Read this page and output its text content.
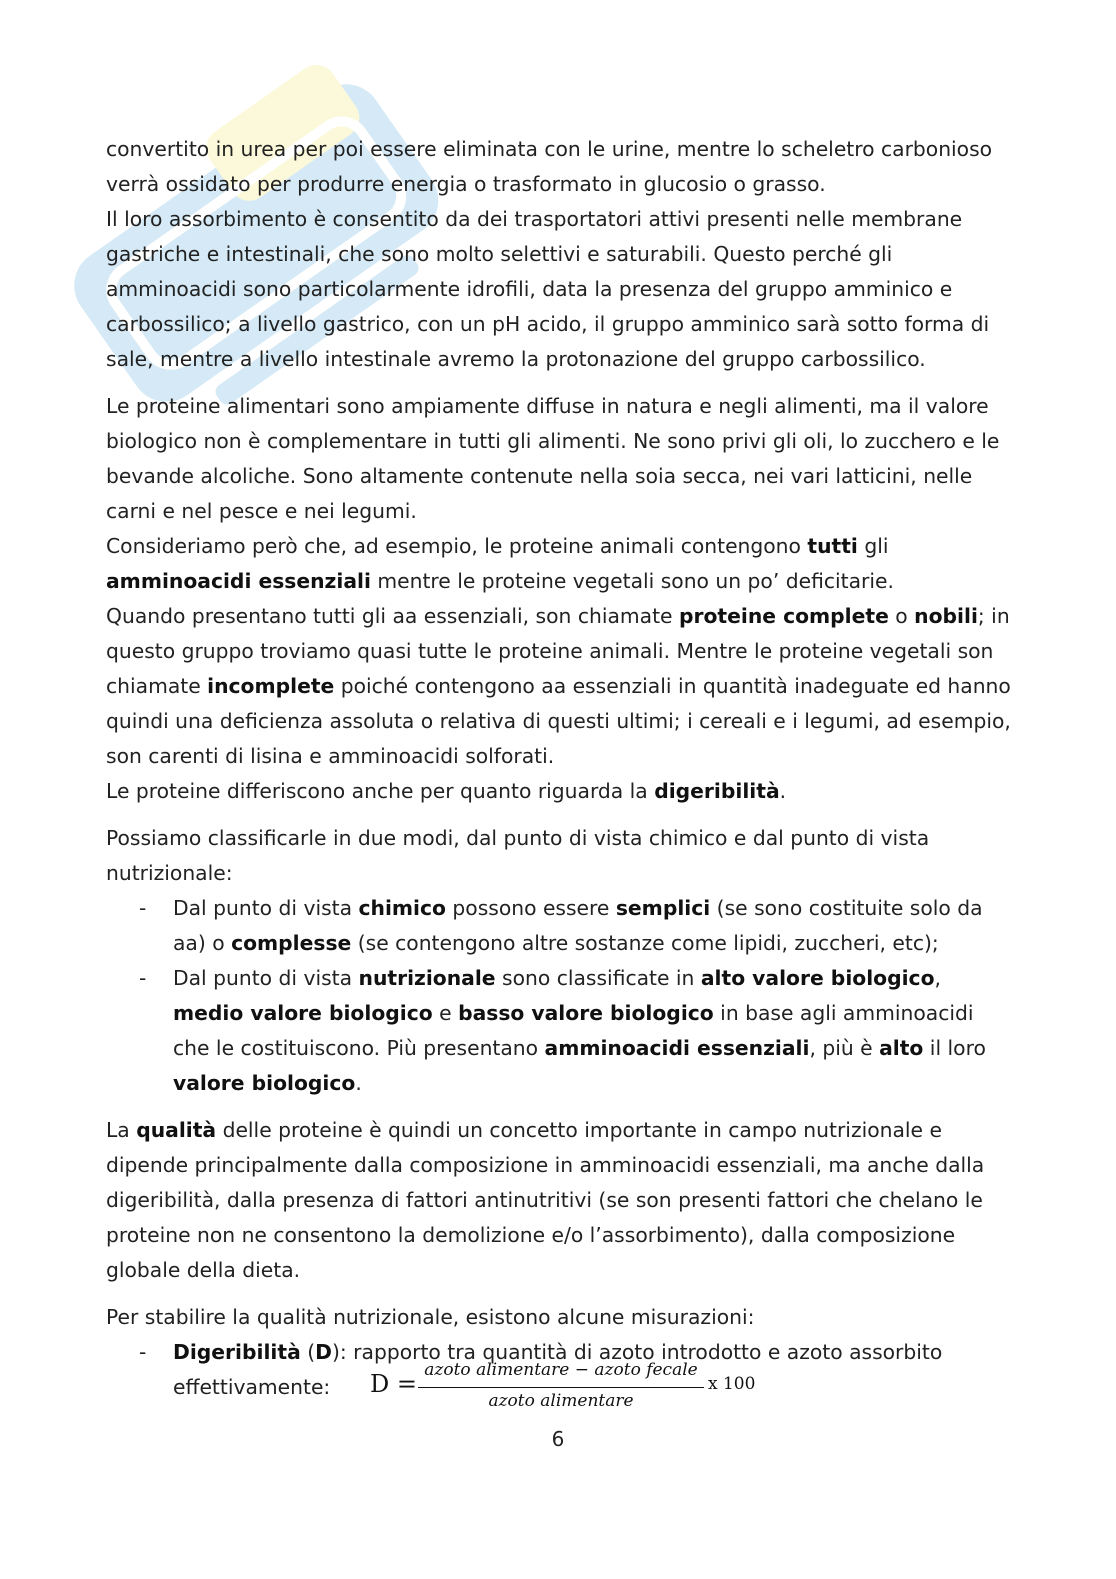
convertito in urea per poi essere eliminata con le urine, mentre lo scheletro carbonioso verrà ossidato per produrre energia o trasformato in glucosio o grasso.

Il loro assorbimento è consentito da dei trasportatori attivi presenti nelle membrane gastriche e intestinali, che sono molto selettivi e saturabili. Questo perché gli amminoacidi sono particolarmente idrofili, data la presenza del gruppo amminico e carbossilico; a livello gastrico, con un pH acido, il gruppo amminico sarà sotto forma di sale, mentre a livello intestinale avremo la protonazione del gruppo carbossilico.

Le proteine alimentari sono ampiamente diffuse in natura e negli alimenti, ma il valore biologico non è complementare in tutti gli alimenti. Ne sono privi gli oli, lo zucchero e le bevande alcoliche. Sono altamente contenute nella soia secca, nei vari latticini, nelle carni e nel pesce e nei legumi.

Consideriamo però che, ad esempio, le proteine animali contengono tutti gli amminoacidi essenziali mentre le proteine vegetali sono un po’ deficitarie.

Quando presentano tutti gli aa essenziali, son chiamate proteine complete o nobili; in questo gruppo troviamo quasi tutte le proteine animali. Mentre le proteine vegetali son chiamate incomplete poiché contengono aa essenziali in quantità inadeguate ed hanno quindi una deficienza assoluta o relativa di questi ultimi; i cereali e i legumi, ad esempio, son carenti di lisina e amminoacidi solforati.

Le proteine differiscono anche per quanto riguarda la digeribilità.

Possiamo classificarle in due modi, dal punto di vista chimico e dal punto di vista nutrizionale:

- Dal punto di vista chimico possono essere semplici (se sono costituite solo da aa) o complesse (se contengono altre sostanze come lipidi, zuccheri, etc);
- Dal punto di vista nutrizionale sono classificate in alto valore biologico, medio valore biologico e basso valore biologico in base agli amminoacidi che le costituiscono. Più presentano amminoacidi essenziali, più è alto il loro valore biologico.

La qualità delle proteine è quindi un concetto importante in campo nutrizionale e dipende principalmente dalla composizione in amminoacidi essenziali, ma anche dalla digeribilità, dalla presenza di fattori antinutritivi (se son presenti fattori che chelano le proteine non ne consentono la demolizione e/o l’assorbimento), dalla composizione globale della dieta.

Per stabilire la qualità nutrizionale, esistono alcune misurazioni:

- Digeribilità (D): rapporto tra quantità di azoto introdotto e azoto assorbito effettivamente:	D = azoto alimentare − azoto fecale
azoto alimentare
x 100
6
